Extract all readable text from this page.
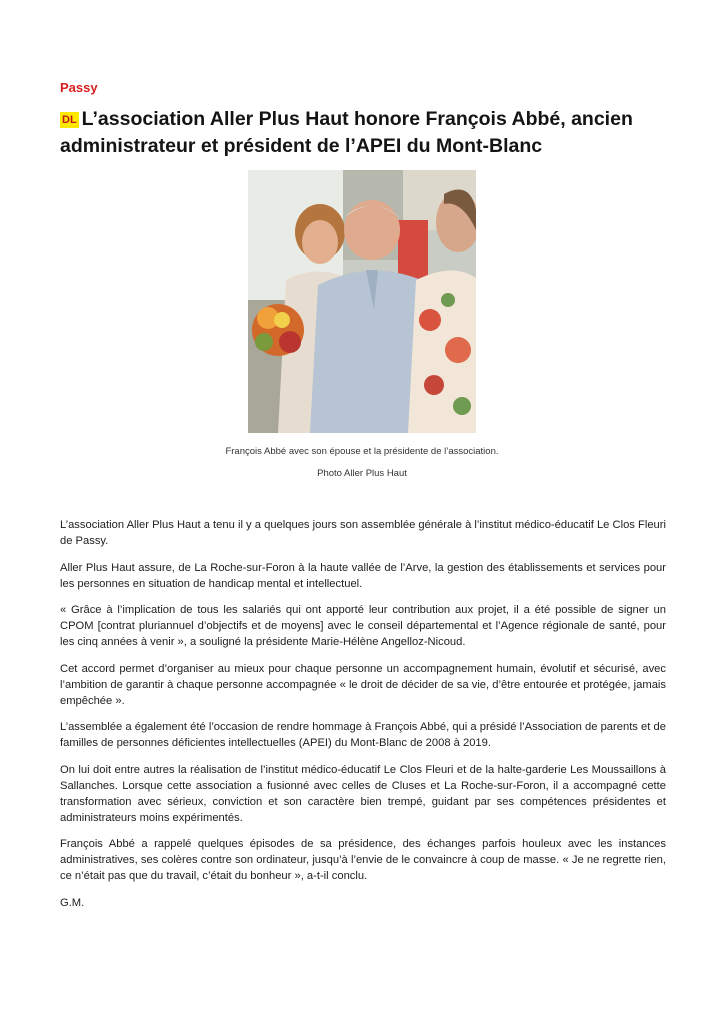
Passy
DL L’association Aller Plus Haut honore François Abbé, ancien administrateur et président de l’APEI du Mont-Blanc
François Abbé avec son épouse et la présidente de l’association.
Photo Aller Plus Haut

L’association Aller Plus Haut a tenu il y a quelques jours son assemblée générale à l’institut médico-éducatif Le Clos Fleuri de Passy.

Aller Plus Haut assure, de La Roche-sur-Foron à la haute vallée de l’Arve, la gestion des établissements et services pour les personnes en situation de handicap mental et intellectuel.

« Grâce à l’implication de tous les salariés qui ont apporté leur contribution aux projet, il a été possible de signer un CPOM [contrat pluriannuel d’objectifs et de moyens] avec le conseil départemental et l’Agence régionale de santé, pour les cinq années à venir », a souligné la présidente Marie-Hélène Angelloz-Nicoud.

Cet accord permet d’organiser au mieux pour chaque personne un accompagnement humain, évolutif et sécurisé, avec l’ambition de garantir à chaque personne accompagnée « le droit de décider de sa vie, d’être entourée et protégée, jamais empêchée ».

L’assemblée a également été l’occasion de rendre hommage à François Abbé, qui a présidé l’Association de parents et de familles de personnes déficientes intellectuelles (APEI) du Mont-Blanc de 2008 à 2019.

On lui doit entre autres la réalisation de l’institut médico-éducatif Le Clos Fleuri et de la halte-garderie Les Moussaillons à Sallanches. Lorsque cette association a fusionné avec celles de Cluses et La Roche-sur-Foron, il a accompagné cette transformation avec sérieux, conviction et son caractère bien trempé, guidant par ses compétences présidentes et administrateurs moins expérimentés.

François Abbé a rappelé quelques épisodes de sa présidence, des échanges parfois houleux avec les instances administratives, ses colères contre son ordinateur, jusqu’à l’envie de le convaincre à coup de masse. « Je ne regrette rien, ce n’était pas que du travail, c’était du bonheur », a-t-il conclu.

G.M.
